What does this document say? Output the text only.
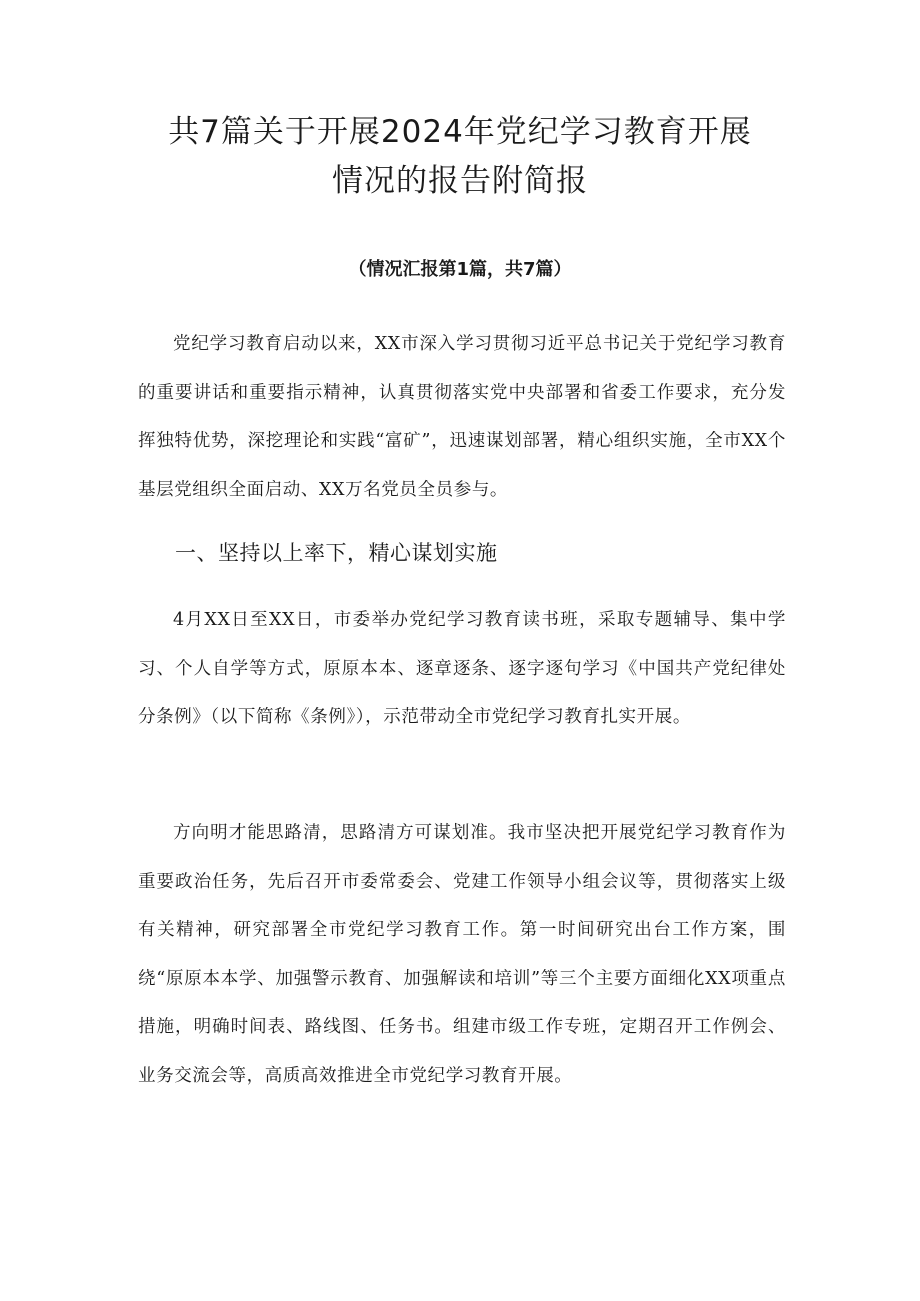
共7篇关于开展2024年党纪学习教育开展
情况的报告附简报

（情况汇报第1篇，共7篇）

党纪学习教育启动以来，XX市深入学习贯彻习近平总书记关于党纪学习教育的重要讲话和重要指示精神，认真贯彻落实党中央部署和省委工作要求，充分发挥独特优势，深挖理论和实践“富矿”，迅速谋划部署，精心组织实施，全市XX个基层党组织全面启动、XX万名党员全员参与。

一、坚持以上率下，精心谋划实施

4月XX日至XX日，市委举办党纪学习教育读书班，采取专题辅导、集中学习、个人自学等方式，原原本本、逐章逐条、逐字逐句学习《中国共产党纪律处分条例》（以下简称《条例》），示范带动全市党纪学习教育扎实开展。

方向明才能思路清，思路清方可谋划准。我市坚决把开展党纪学习教育作为重要政治任务，先后召开市委常委会、党建工作领导小组会议等，贯彻落实上级有关精神，研究部署全市党纪学习教育工作。第一时间研究出台工作方案，围绕“原原本本学、加强警示教育、加强解读和培训”等三个主要方面细化XX项重点措施，明确时间表、路线图、任务书。组建市级工作专班，定期召开工作例会、业务交流会等，高质高效推进全市党纪学习教育开展。
